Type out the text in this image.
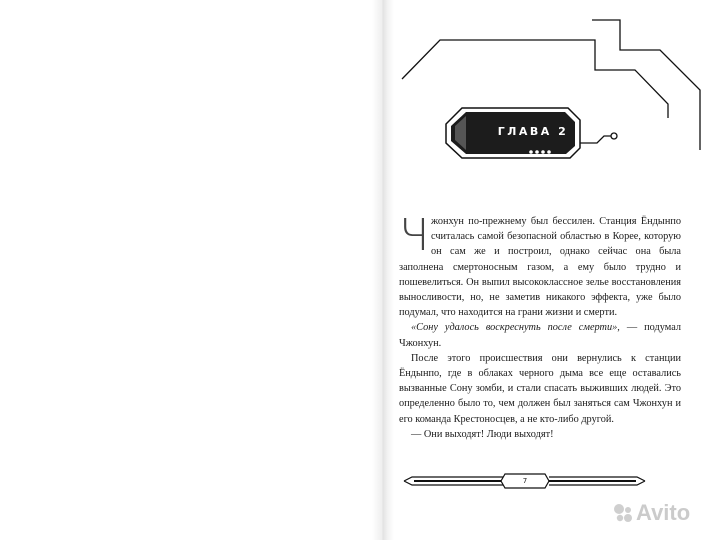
ГЛАВА 2

Чжонхун по-прежнему был бессилен. Станция Ёндынпо считалась самой безопасной областью в Корее, которую он сам же и построил, однако сейчас она была заполнена смертоносным газом, а ему было трудно и пошевелиться. Он выпил высококлассное зелье восстановления выносливости, но, не заметив никакого эффекта, уже было подумал, что находится на грани жизни и смерти.

«Сону удалось воскреснуть после смерти», — подумал Чжонхун.

После этого происшествия они вернулись к станции Ёндынпо, где в облаках черного дыма все еще оставались вызванные Сону зомби, и стали спасать выживших людей. Это определенно было то, чем должен был заняться сам Чжонхун и его команда Крестоносцев, а не кто-либо другой.

— Они выходят! Люди выходят!

7
Avito
